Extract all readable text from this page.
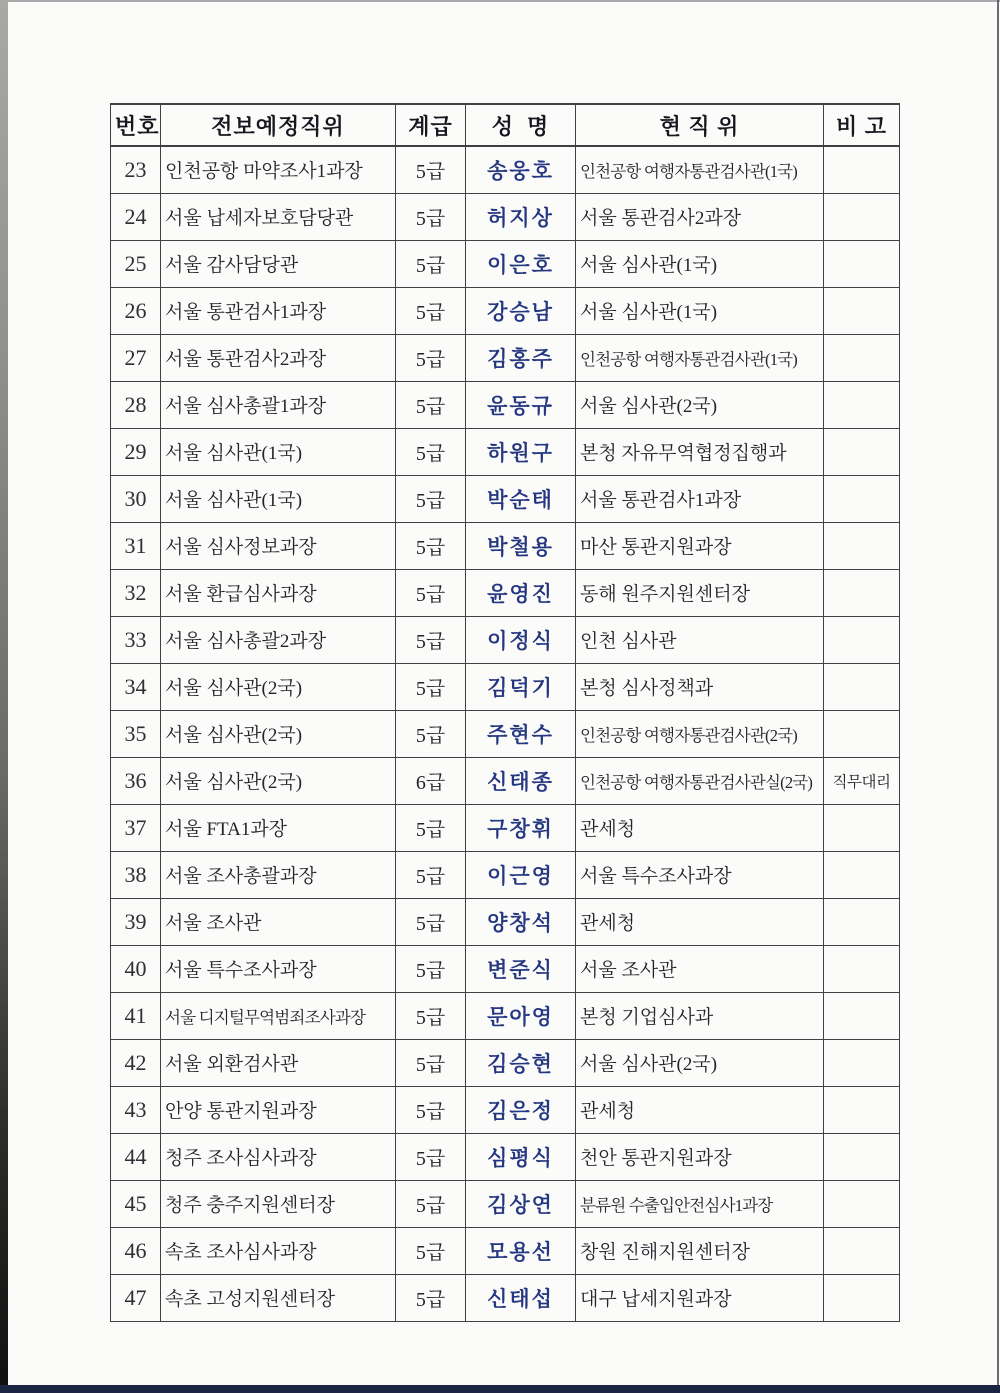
번호	전보예정직위	계급	성  명	현 직 위	비 고
23	인천공항 마약조사1과장	5급	송웅호	인천공항 여행자통관검사관(1국)	
24	서울 납세자보호담당관	5급	허지상	서울 통관검사2과장	
25	서울 감사담당관	5급	이은호	서울 심사관(1국)	
26	서울 통관검사1과장	5급	강승남	서울 심사관(1국)	
27	서울 통관검사2과장	5급	김홍주	인천공항 여행자통관검사관(1국)	
28	서울 심사총괄1과장	5급	윤동규	서울 심사관(2국)	
29	서울 심사관(1국)	5급	하원구	본청 자유무역협정집행과	
30	서울 심사관(1국)	5급	박순태	서울 통관검사1과장	
31	서울 심사정보과장	5급	박철용	마산 통관지원과장	
32	서울 환급심사과장	5급	윤영진	동해 원주지원센터장	
33	서울 심사총괄2과장	5급	이정식	인천 심사관	
34	서울 심사관(2국)	5급	김덕기	본청 심사정책과	
35	서울 심사관(2국)	5급	주현수	인천공항 여행자통관검사관(2국)	
36	서울 심사관(2국)	6급	신태종	인천공항 여행자통관검사관실(2국)	직무대리
37	서울 FTA1과장	5급	구창휘	관세청	
38	서울 조사총괄과장	5급	이근영	서울 특수조사과장	
39	서울 조사관	5급	양창석	관세청	
40	서울 특수조사과장	5급	변준식	서울 조사관	
41	서울 디지털무역범죄조사과장	5급	문아영	본청 기업심사과	
42	서울 외환검사관	5급	김승현	서울 심사관(2국)	
43	안양 통관지원과장	5급	김은정	관세청	
44	청주 조사심사과장	5급	심평식	천안 통관지원과장	
45	청주 충주지원센터장	5급	김상연	분류원 수출입안전심사1과장	
46	속초 조사심사과장	5급	모용선	창원 진해지원센터장	
47	속초 고성지원센터장	5급	신태섭	대구 납세지원과장	
